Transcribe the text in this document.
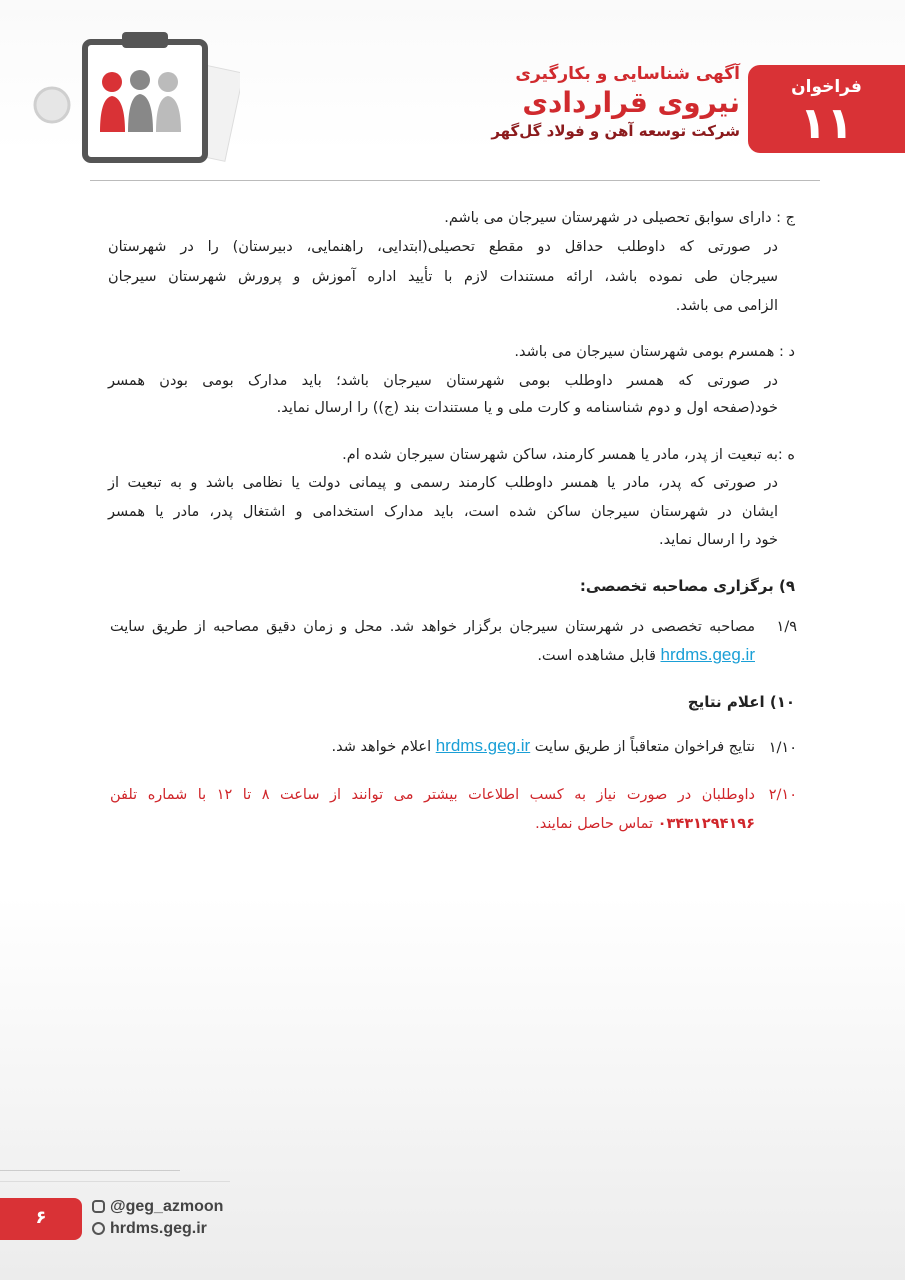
فراخوان
۱۱
آگهی شناسایی و بکارگیری
نیروی قراردادی
شرکت توسعه آهن و فولاد گل‌گهر
ج : دارای سوابق تحصیلی در شهرستان سیرجان می باشم.
در صورتی که داوطلب حداقل دو مقطع تحصیلی(ابتدایی، راهنمایی، دبیرستان) را در شهرستان
سیرجان طی نموده باشد، ارائه مستندات لازم با تأیید اداره آموزش و پرورش شهرستان سیرجان
الزامی می باشد.
د : همسرم بومی شهرستان سیرجان می باشد.
در صورتی که همسر داوطلب بومی شهرستان سیرجان باشد؛ باید مدارک بومی بودن همسر
خود(صفحه اول و دوم شناسنامه و کارت ملی و یا مستندات بند (ج)) را ارسال نماید.
ه :به تبعیت از پدر، مادر یا همسر کارمند، ساکن شهرستان سیرجان شده ام.
در صورتی که پدر، مادر یا همسر داوطلب کارمند رسمی و پیمانی دولت یا نظامی باشد و به تبعیت از
ایشان در شهرستان سیرجان ساکن شده است، باید مدارک استخدامی و اشتغال پدر، مادر یا همسر
خود را ارسال نماید.
۹) برگزاری مصاحبه تخصصی:
۱/۹
مصاحبه تخصصی در شهرستان سیرجان برگزار خواهد شد. محل و زمان دقیق مصاحبه از طریق سایت
hrdms.geg.ir قابل مشاهده است.
۱۰) اعلام نتایج
۱/۱۰
نتایج فراخوان متعاقباً از طریق سایت hrdms.geg.ir اعلام خواهد شد.
۲/۱۰
داوطلبان در صورت نیاز به کسب اطلاعات بیشتر می توانند از ساعت ۸ تا ۱۲ با شماره تلفن
۰۳۴۳۱۲۹۴۱۹۶ تماس حاصل نمایند.
۶
@geg_azmoon
hrdms.geg.ir
